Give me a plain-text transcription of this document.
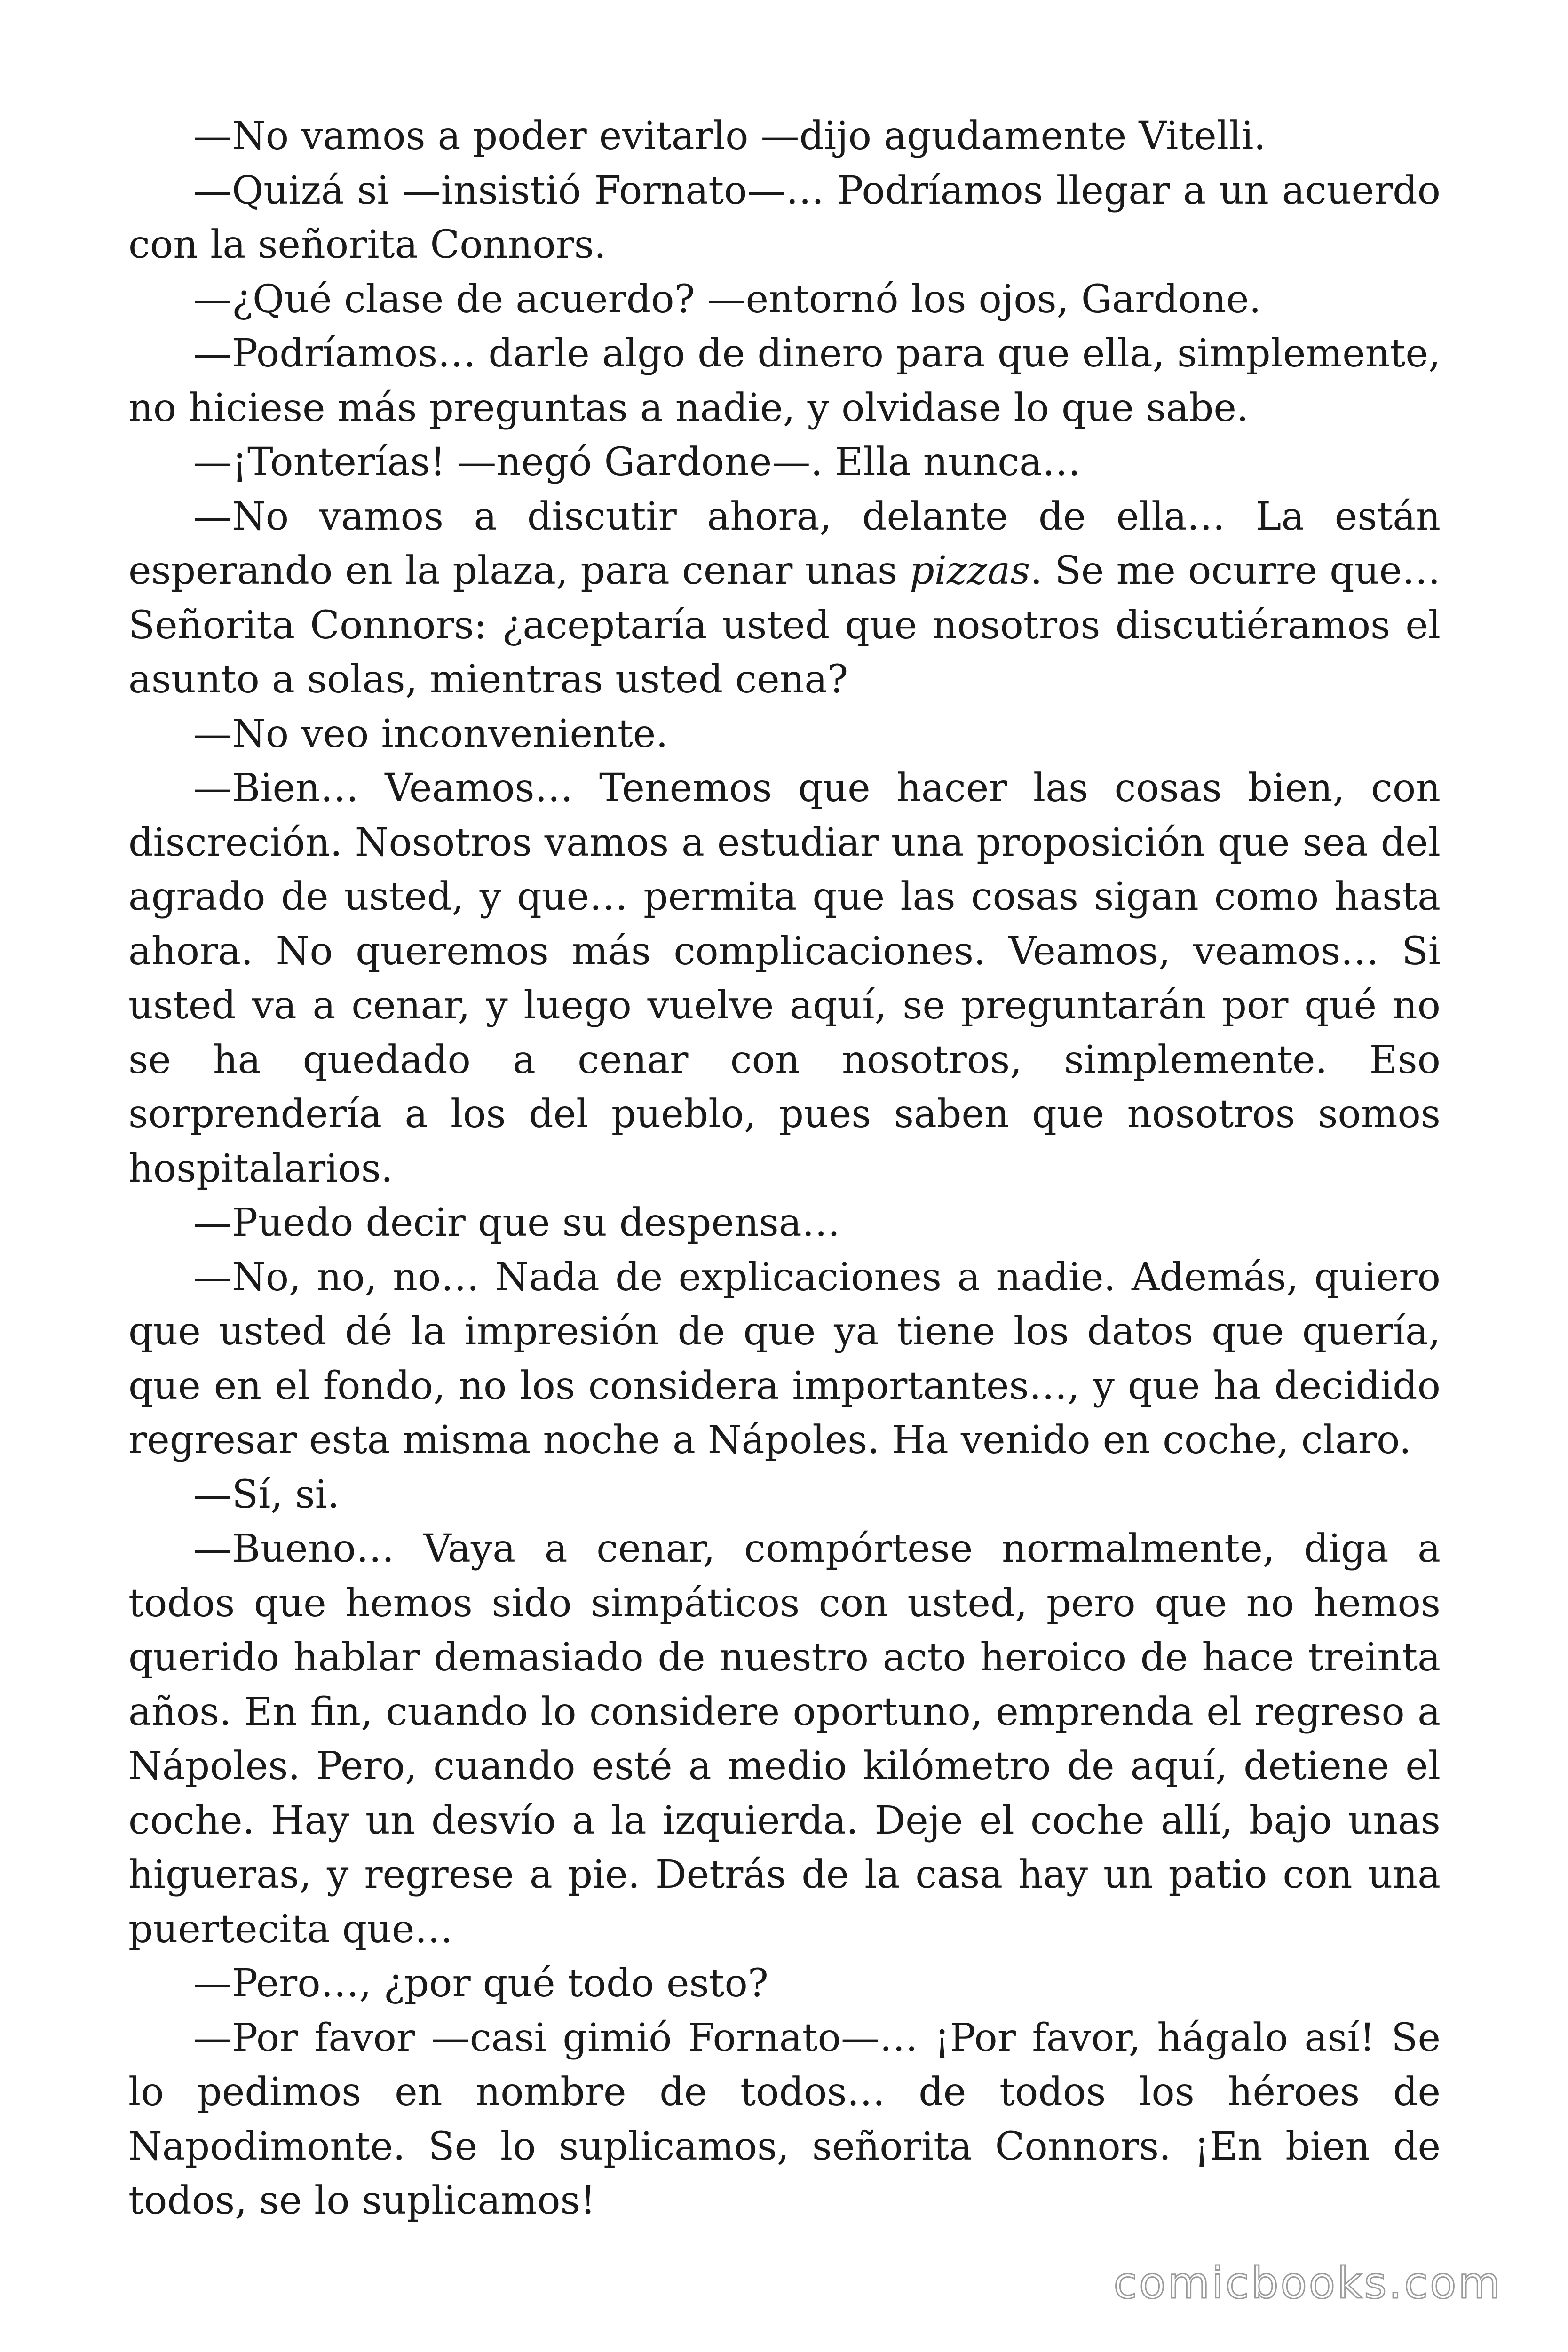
—No vamos a poder evitarlo —dijo agudamente Vitelli.

—Quizá si —insistió Fornato—… Podríamos llegar a un acuerdo con la señorita Connors.

—¿Qué clase de acuerdo? —entornó los ojos, Gardone.

—Podríamos… darle algo de dinero para que ella, simplemente, no hiciese más preguntas a nadie, y olvidase lo que sabe.

—¡Tonterías! —negó Gardone—. Ella nunca…

—No vamos a discutir ahora, delante de ella… La están esperando en la plaza, para cenar unas pizzas. Se me ocurre que… Señorita Connors: ¿aceptaría usted que nosotros discutiéramos el asunto a solas, mientras usted cena?

—No veo inconveniente.

—Bien… Veamos… Tenemos que hacer las cosas bien, con discreción. Nosotros vamos a estudiar una proposición que sea del agrado de usted, y que… permita que las cosas sigan como hasta ahora. No queremos más complicaciones. Veamos, veamos… Si usted va a cenar, y luego vuelve aquí, se preguntarán por qué no se ha quedado a cenar con nosotros, simplemente. Eso sorprendería a los del pueblo, pues saben que nosotros somos hospitalarios.

—Puedo decir que su despensa…

—No, no, no… Nada de explicaciones a nadie. Además, quiero que usted dé la impresión de que ya tiene los datos que quería, que en el fondo, no los considera importantes…, y que ha decidido regresar esta misma noche a Nápoles. Ha venido en coche, claro.

—Sí, si.

—Bueno… Vaya a cenar, compórtese normalmente, diga a todos que hemos sido simpáticos con usted, pero que no hemos querido hablar demasiado de nuestro acto heroico de hace treinta años. En fin, cuando lo considere oportuno, emprenda el regreso a Nápoles. Pero, cuando esté a medio kilómetro de aquí, detiene el coche. Hay un desvío a la izquierda. Deje el coche allí, bajo unas higueras, y regrese a pie. Detrás de la casa hay un patio con una puertecita que…

—Pero…, ¿por qué todo esto?

—Por favor —casi gimió Fornato—… ¡Por favor, hágalo así! Se lo pedimos en nombre de todos… de todos los héroes de Napodimonte. Se lo suplicamos, señorita Connors. ¡En bien de todos, se lo suplicamos!

comicbooks.com
